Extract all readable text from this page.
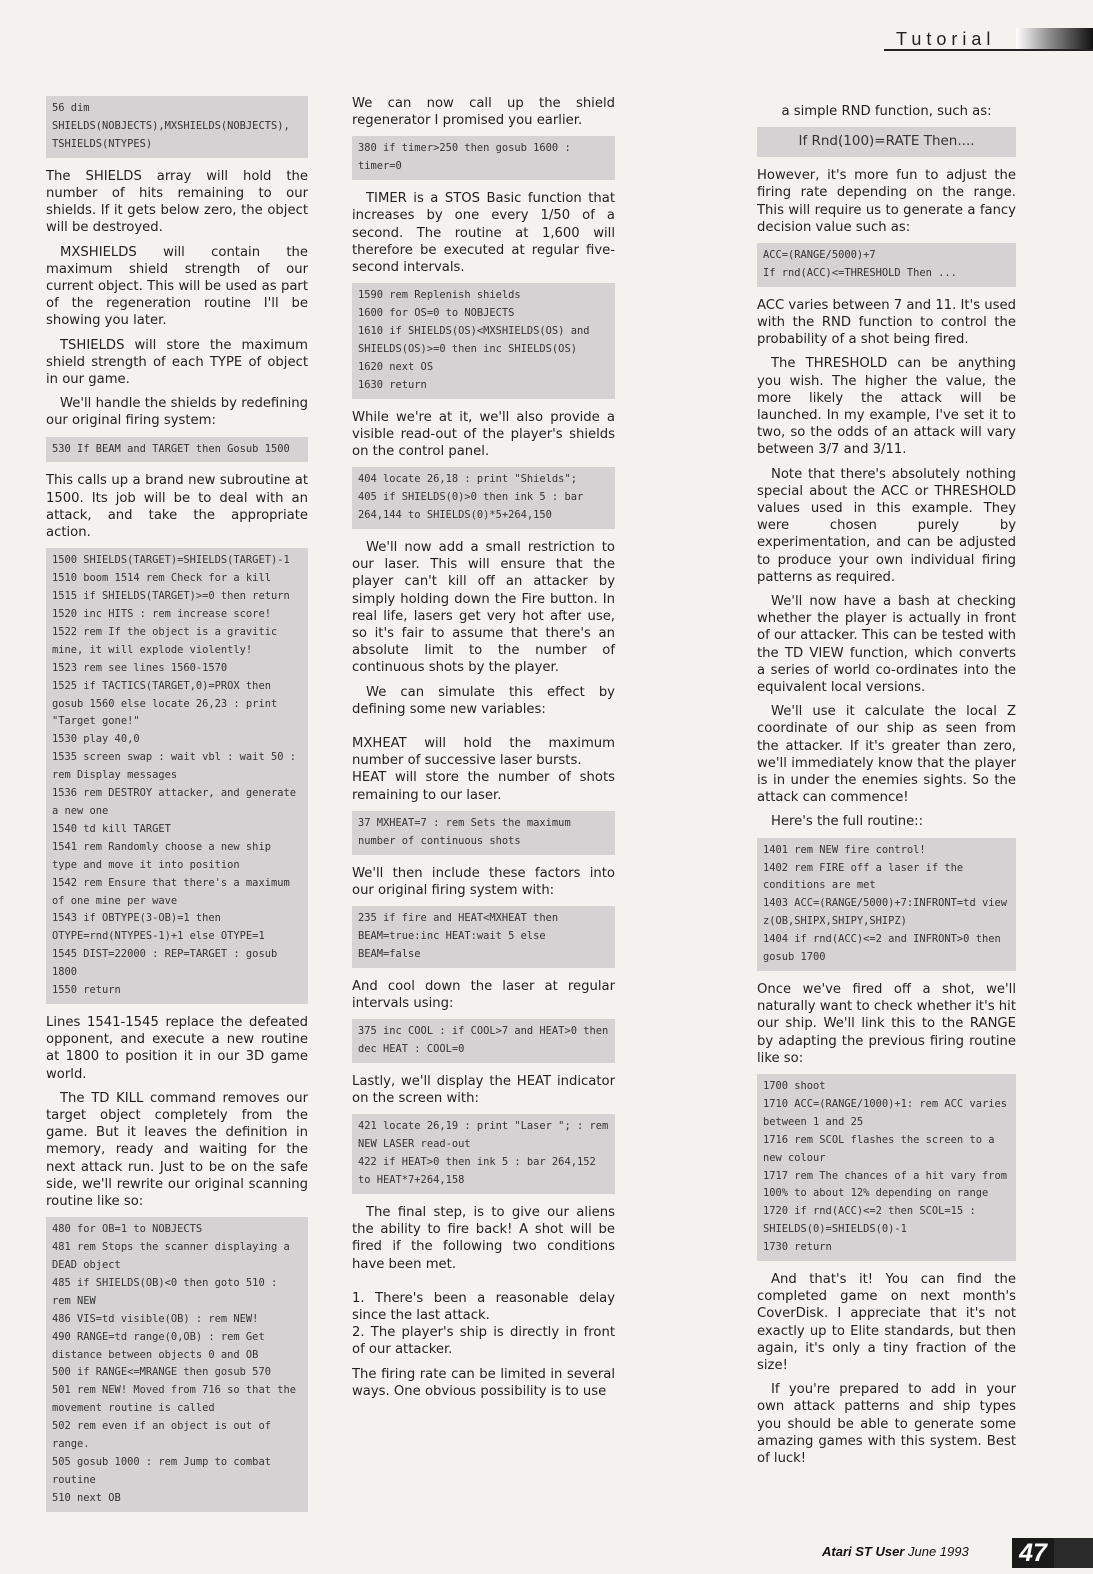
Tutorial
56 dim
SHIELDS(NOBJECTS),MXSHIELDS(NOBJECTS),
TSHIELDS(NTYPES)
The SHIELDS array will hold the number of hits remaining to our shields. If it gets below zero, the object will be destroyed.
MXSHIELDS will contain the maximum shield strength of our current object. This will be used as part of the regeneration routine I'll be showing you later.
TSHIELDS will store the maximum shield strength of each TYPE of object in our game.
We'll handle the shields by redefining our original firing system:
530 If BEAM and TARGET then Gosub 1500
This calls up a brand new subroutine at 1500. Its job will be to deal with an attack, and take the appropriate action.
1500 SHIELDS(TARGET)=SHIELDS(TARGET)-1
1510 boom 1514 rem Check for a kill
1515 if SHIELDS(TARGET)>=0 then return
1520 inc HITS : rem increase score!
1522 rem If the object is a gravitic mine, it will explode violently!
1523 rem see lines 1560-1570
1525 if TACTICS(TARGET,0)=PROX then gosub 1560 else locate 26,23 : print "Target gone!"
1530 play 40,0
1535 screen swap : wait vbl : wait 50 : rem Display messages
1536 rem DESTROY attacker, and generate a new one
1540 td kill TARGET
1541 rem Randomly choose a new ship type and move it into position
1542 rem Ensure that there's a maximum of one mine per wave
1543 if OBTYPE(3-OB)=1 then OTYPE=rnd(NTYPES-1)+1 else OTYPE=1
1545 DIST=22000 : REP=TARGET : gosub 1800
1550 return
Lines 1541-1545 replace the defeated opponent, and execute a new routine at 1800 to position it in our 3D game world.
The TD KILL command removes our target object completely from the game. But it leaves the definition in memory, ready and waiting for the next attack run. Just to be on the safe side, we'll rewrite our original scanning routine like so:
480 for OB=1 to NOBJECTS
481 rem Stops the scanner displaying a DEAD object
485 if SHIELDS(OB)<0 then goto 510 : rem NEW
486 VIS=td visible(OB) : rem NEW!
490 RANGE=td range(0,OB) : rem Get distance between objects 0 and OB
500 if RANGE<=MRANGE then gosub 570
501 rem NEW! Moved from 716 so that the movement routine is called
502 rem even if an object is out of range.
505 gosub 1000 : rem Jump to combat routine
510 next OB
We can now call up the shield regenerator I promised you earlier.
380 if timer>250 then gosub 1600 : timer=0
TIMER is a STOS Basic function that increases by one every 1/50 of a second. The routine at 1,600 will therefore be executed at regular five-second intervals.
1590 rem Replenish shields
1600 for OS=0 to NOBJECTS
1610 if SHIELDS(OS)<MXSHIELDS(OS) and SHIELDS(OS)>=0 then inc SHIELDS(OS)
1620 next OS
1630 return
While we're at it, we'll also provide a visible read-out of the player's shields on the control panel.
404 locate 26,18 : print "Shields";
405 if SHIELDS(0)>0 then ink 5 : bar 264,144 to SHIELDS(0)*5+264,150
We'll now add a small restriction to our laser. This will ensure that the player can't kill off an attacker by simply holding down the Fire button. In real life, lasers get very hot after use, so it's fair to assume that there's an absolute limit to the number of continuous shots by the player.
We can simulate this effect by defining some new variables:
MXHEAT will hold the maximum number of successive laser bursts.
HEAT will store the number of shots remaining to our laser.
37 MXHEAT=7 : rem Sets the maximum number of continuous shots
We'll then include these factors into our original firing system with:
235 if fire and HEAT<MXHEAT then BEAM=true:inc HEAT:wait 5 else BEAM=false
And cool down the laser at regular intervals using:
375 inc COOL : if COOL>7 and HEAT>0 then dec HEAT : COOL=0
Lastly, we'll display the HEAT indicator on the screen with:
421 locate 26,19 : print "Laser "; : rem NEW LASER read-out
422 if HEAT>0 then ink 5 : bar 264,152 to HEAT*7+264,158
The final step, is to give our aliens the ability to fire back! A shot will be fired if the following two conditions have been met.
1. There's been a reasonable delay since the last attack.
2. The player's ship is directly in front of our attacker.
The firing rate can be limited in several ways. One obvious possibility is to use
a simple RND function, such as:
If Rnd(100)=RATE Then....
However, it's more fun to adjust the firing rate depending on the range. This will require us to generate a fancy decision value such as:
ACC=(RANGE/5000)+7
If rnd(ACC)<=THRESHOLD Then ...
ACC varies between 7 and 11. It's used with the RND function to control the probability of a shot being fired.
The THRESHOLD can be anything you wish. The higher the value, the more likely the attack will be launched. In my example, I've set it to two, so the odds of an attack will vary between 3/7 and 3/11.
Note that there's absolutely nothing special about the ACC or THRESHOLD values used in this example. They were chosen purely by experimentation, and can be adjusted to produce your own individual firing patterns as required.
We'll now have a bash at checking whether the player is actually in front of our attacker. This can be tested with the TD VIEW function, which converts a series of world co-ordinates into the equivalent local versions.
We'll use it calculate the local Z coordinate of our ship as seen from the attacker. If it's greater than zero, we'll immediately know that the player is in under the enemies sights. So the attack can commence!
Here's the full routine::
1401 rem NEW fire control!
1402 rem FIRE off a laser if the conditions are met
1403 ACC=(RANGE/5000)+7:INFRONT=td view z(OB,SHIPX,SHIPY,SHIPZ)
1404 if rnd(ACC)<=2 and INFRONT>0 then gosub 1700
Once we've fired off a shot, we'll naturally want to check whether it's hit our ship. We'll link this to the RANGE by adapting the previous firing routine like so:
1700 shoot
1710 ACC=(RANGE/1000)+1: rem ACC varies between 1 and 25
1716 rem SCOL flashes the screen to a new colour
1717 rem The chances of a hit vary from 100% to about 12% depending on range
1720 if rnd(ACC)<=2 then SCOL=15 : SHIELDS(0)=SHIELDS(0)-1
1730 return
And that's it! You can find the completed game on next month's CoverDisk. I appreciate that it's not exactly up to Elite standards, but then again, it's only a tiny fraction of the size!
If you're prepared to add in your own attack patterns and ship types you should be able to generate some amazing games with this system. Best of luck!
Atari ST User June 1993	47
